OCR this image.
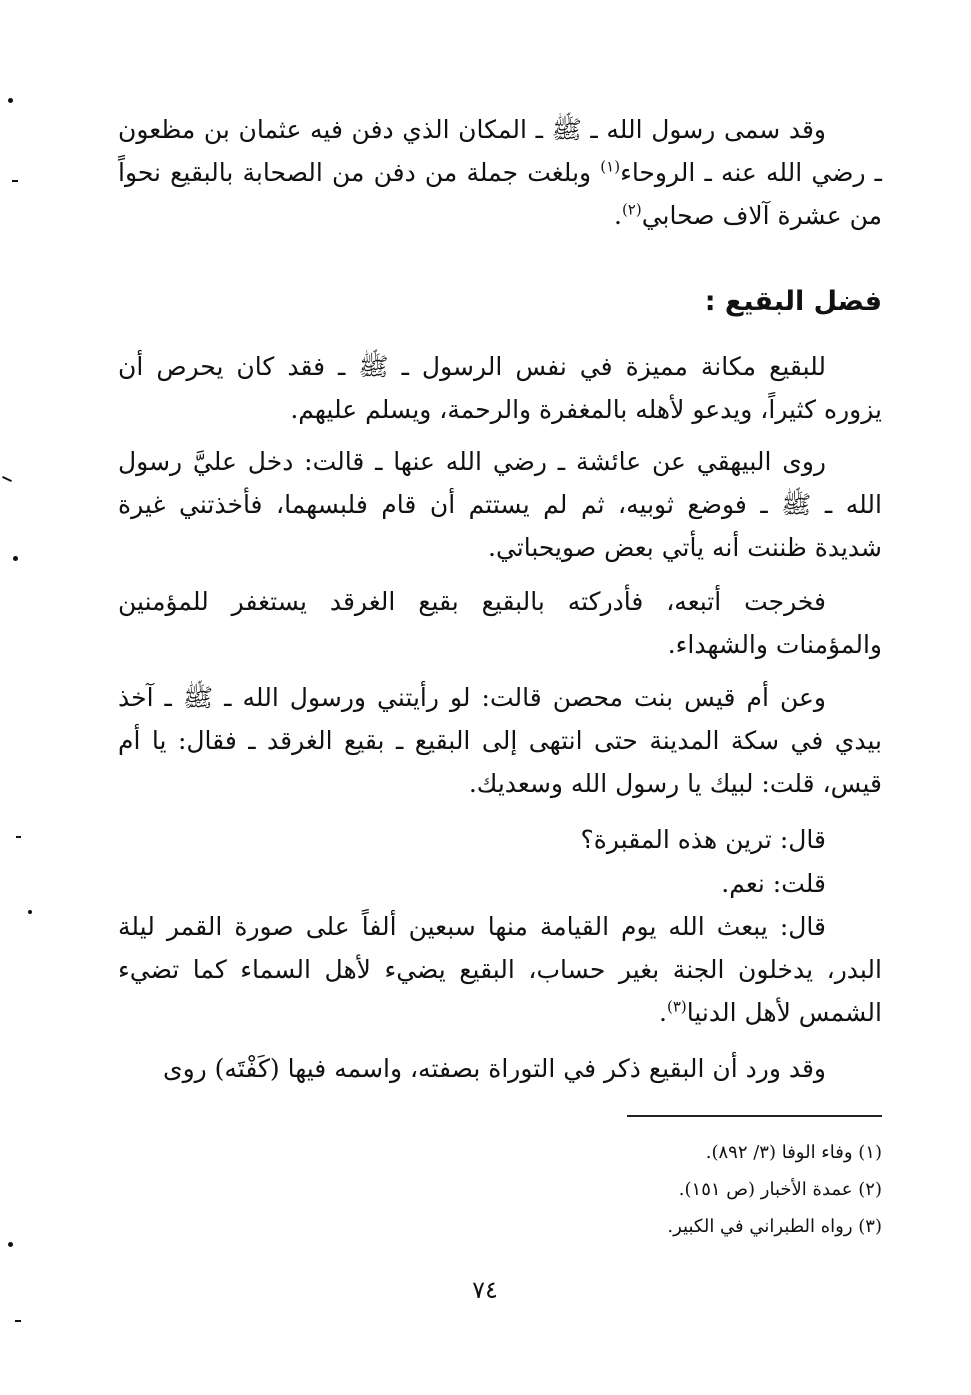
وقد سمى رسول الله ـ ﷺ ـ المكان الذي دفن فيه عثمان بن مظعون ـ رضي الله عنه ـ الروحاء$^{(١)}$ وبلغت جملة من دفن من الصحابة بالبقيع نحواً من عشرة آلاف صحابي$^{(٢)}$.

فضل البقيع :

للبقيع مكانة مميزة في نفس الرسول ـ ﷺ ـ فقد كان يحرص أن يزوره كثيراً، ويدعو لأهله بالمغفرة والرحمة، ويسلم عليهم.

روى البيهقي عن عائشة ـ رضي الله عنها ـ قالت: دخل عليَّ رسول الله ـ ﷺ ـ فوضع ثوبيه، ثم لم يستتم أن قام فلبسهما، فأخذتني غيرة شديدة ظننت أنه يأتي بعض صويحباتي.

فخرجت أتبعه، فأدركته بالبقيع بقيع الغرقد يستغفر للمؤمنين والمؤمنات والشهداء.

وعن أم قيس بنت محصن قالت: لو رأيتني ورسول الله ـ ﷺ ـ آخذ بيدي في سكة المدينة حتى انتهى إلى البقيع ـ بقيع الغرقد ـ فقال: يا أم قيس، قلت: لبيك يا رسول الله وسعديك.

قال: ترين هذه المقبرة؟

قلت: نعم.

قال: يبعث الله يوم القيامة منها سبعين ألفاً على صورة القمر ليلة البدر، يدخلون الجنة بغير حساب، البقيع يضيء لأهل السماء كما تضيء الشمس لأهل الدنيا$^{(٣)}$.

وقد ورد أن البقيع ذكر في التوراة بصفته، واسمه فيها (كَفْتَه) روى

(١) وفاء الوفا (٣/ ٨٩٢).

(٢) عمدة الأخبار (ص ١٥١).

(٣) رواه الطبراني في الكبير.

٧٤
